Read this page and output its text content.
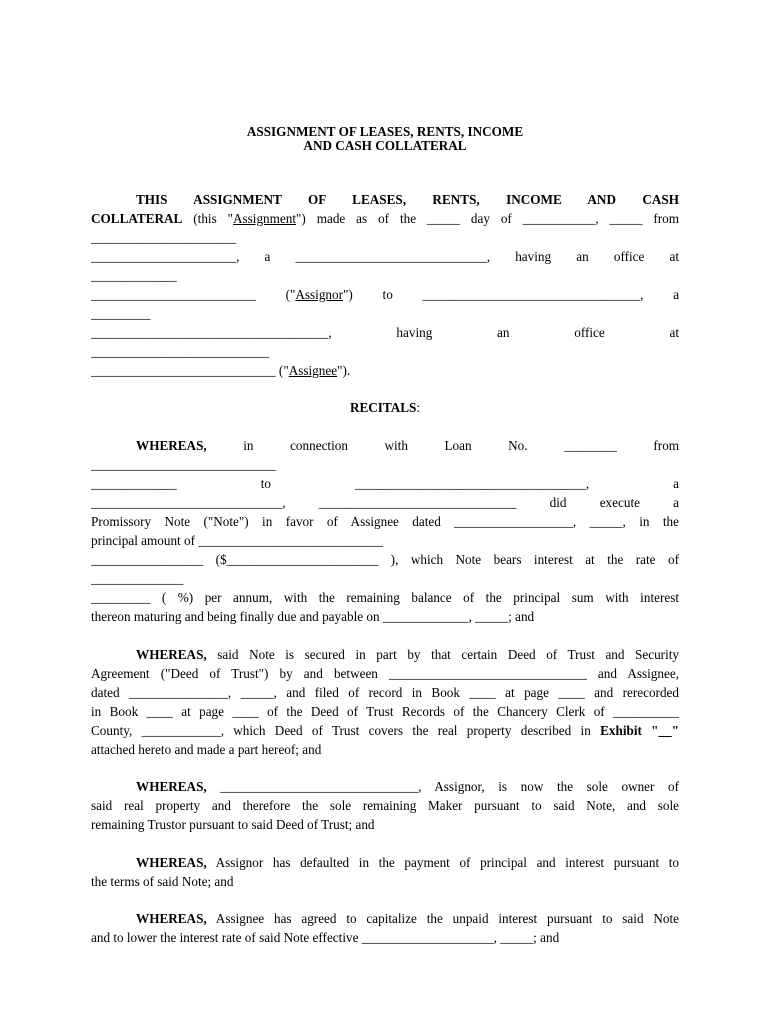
ASSIGNMENT OF LEASES, RENTS, INCOME
AND CASH COLLATERAL
THIS ASSIGNMENT OF LEASES, RENTS, INCOME AND CASH
COLLATERAL (this "Assignment") made as of the _____ day of ___________, _____ from
______________________
______________________, a _____________________________, having an office at
_____________
_________________________ ("Assignor") to _________________________________, a
_________
____________________________________,	having	an	office	at
___________________________
____________________________ ("Assignee").
RECITALS:
WHEREAS,	in	connection	with	Loan	No.	________	from
____________________________
_____________	to	___________________________________,	a
_____________________________,	______________________________	did	execute	a
Promissory Note ("Note") in favor of Assignee dated __________________, _____, in the
principal amount of ____________________________
_________________ ($_______________________ ), which Note bears interest at the rate of
______________
_________ ( %) per annum, with the remaining balance of the principal sum with interest
thereon maturing and being finally due and payable on _____________, _____; and
WHEREAS, said Note is secured in part by that certain Deed of Trust and Security
Agreement ("Deed of Trust") by and between ______________________________ and Assignee,
dated _______________, _____, and filed of record in Book ____ at page ____ and rerecorded
in Book ____ at page ____ of the Deed of Trust Records of the Chancery Clerk of __________
County, ____________, which Deed of Trust covers the real property described in Exhibit "__"
attached hereto and made a part hereof; and
WHEREAS, ______________________________, Assignor, is now the sole owner of
said real property and therefore the sole remaining Maker pursuant to said Note, and sole
remaining Trustor pursuant to said Deed of Trust; and
WHEREAS, Assignor has defaulted in the payment of principal and interest pursuant to
the terms of said Note; and
WHEREAS, Assignee has agreed to capitalize the unpaid interest pursuant to said Note
and to lower the interest rate of said Note effective ____________________, _____; and
